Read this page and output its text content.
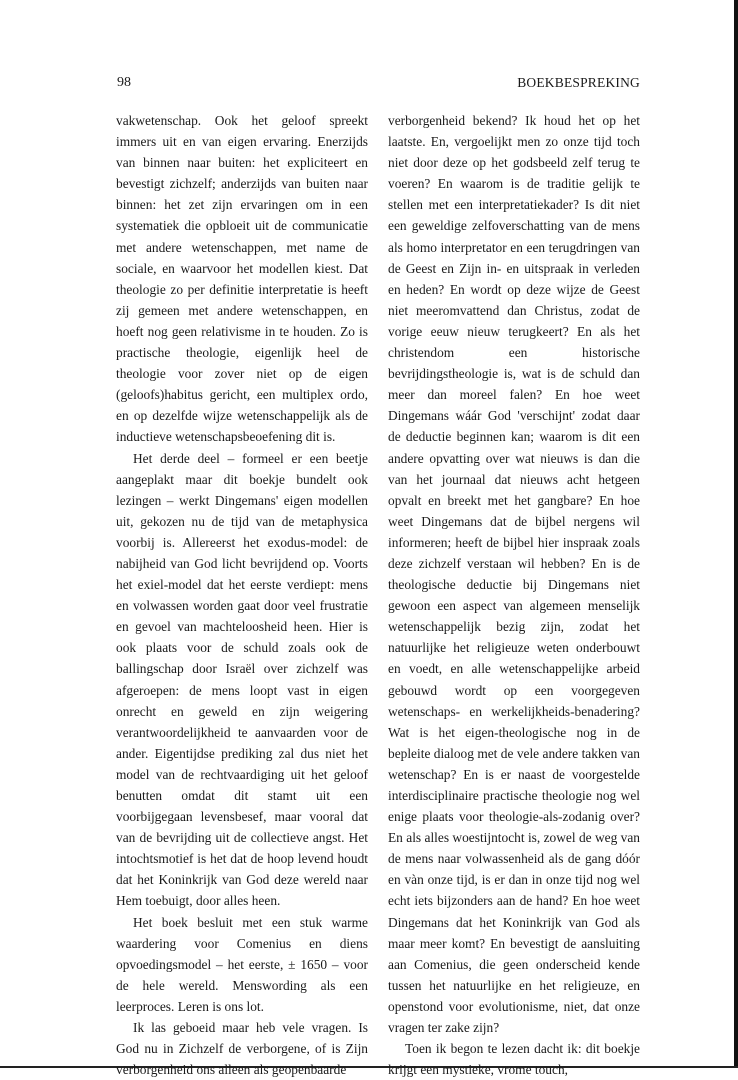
98	BOEKBESPREKING

vakwetenschap. Ook het geloof spreekt immers uit en van eigen ervaring. Enerzijds van binnen naar buiten: het expliciteert en bevestigt zichzelf; anderzijds van buiten naar binnen: het zet zijn ervaringen om in een systematiek die opbloeit uit de communicatie met andere wetenschappen, met name de sociale, en waarvoor het modellen kiest. Dat theologie zo per definitie interpretatie is heeft zij gemeen met andere wetenschappen, en hoeft nog geen relativisme in te houden. Zo is practische theologie, eigenlijk heel de theologie voor zover niet op de eigen (geloofs)habitus gericht, een multiplex ordo, en op dezelfde wijze wetenschappelijk als de inductieve wetenschapsbeoefening dit is.

Het derde deel – formeel er een beetje aangeplakt maar dit boekje bundelt ook lezingen – werkt Dingemans' eigen modellen uit, gekozen nu de tijd van de metaphysica voorbij is. Allereerst het exodus-model: de nabijheid van God licht bevrijdend op. Voorts het exiel-model dat het eerste verdiept: mens en volwassen worden gaat door veel frustratie en gevoel van machteloosheid heen. Hier is ook plaats voor de schuld zoals ook de ballingschap door Israël over zichzelf was afgeroepen: de mens loopt vast in eigen onrecht en geweld en zijn weigering verantwoordelijkheid te aanvaarden voor de ander. Eigentijdse prediking zal dus niet het model van de rechtvaardiging uit het geloof benutten omdat dit stamt uit een voorbijgegaan levensbesef, maar vooral dat van de bevrijding uit de collectieve angst. Het intochtsmotief is het dat de hoop levend houdt dat het Koninkrijk van God deze wereld naar Hem toebuigt, door alles heen.

Het boek besluit met een stuk warme waardering voor Comenius en diens opvoedingsmodel – het eerste, ± 1650 – voor de hele wereld. Menswording als een leerproces. Leren is ons lot.

Ik las geboeid maar heb vele vragen. Is God nu in Zichzelf de verborgene, of is Zijn verborgenheid ons alleen als geopenbaarde

verborgenheid bekend? Ik houd het op het laatste. En, vergoelijkt men zo onze tijd toch niet door deze op het godsbeeld zelf terug te voeren? En waarom is de traditie gelijk te stellen met een interpretatiekader? Is dit niet een geweldige zelfoverschatting van de mens als homo interpretator en een terugdringen van de Geest en Zijn in- en uitspraak in verleden en heden? En wordt op deze wijze de Geest niet meeromvattend dan Christus, zodat de vorige eeuw nieuw terugkeert? En als het christendom een historische bevrijdingstheologie is, wat is de schuld dan meer dan moreel falen? En hoe weet Dingemans wáár God 'verschijnt' zodat daar de deductie beginnen kan; waarom is dit een andere opvatting over wat nieuws is dan die van het journaal dat nieuws acht hetgeen opvalt en breekt met het gangbare? En hoe weet Dingemans dat de bijbel nergens wil informeren; heeft de bijbel hier inspraak zoals deze zichzelf verstaan wil hebben? En is de theologische deductie bij Dingemans niet gewoon een aspect van algemeen menselijk wetenschappelijk bezig zijn, zodat het natuurlijke het religieuze weten onderbouwt en voedt, en alle wetenschappelijke arbeid gebouwd wordt op een voorgegeven wetenschaps- en werkelijkheids-benadering? Wat is het eigen-theologische nog in de bepleite dialoog met de vele andere takken van wetenschap? En is er naast de voorgestelde interdisciplinaire practische theologie nog wel enige plaats voor theologie-als-zodanig over? En als alles woestijntocht is, zowel de weg van de mens naar volwassenheid als de gang dóór en vàn onze tijd, is er dan in onze tijd nog wel echt iets bijzonders aan de hand? En hoe weet Dingemans dat het Koninkrijk van God als maar meer komt? En bevestigt de aansluiting aan Comenius, die geen onderscheid kende tussen het natuurlijke en het religieuze, en openstond voor evolutionisme, niet, dat onze vragen ter zake zijn?

Toen ik begon te lezen dacht ik: dit boekje krijgt een mystieke, vrome touch,
